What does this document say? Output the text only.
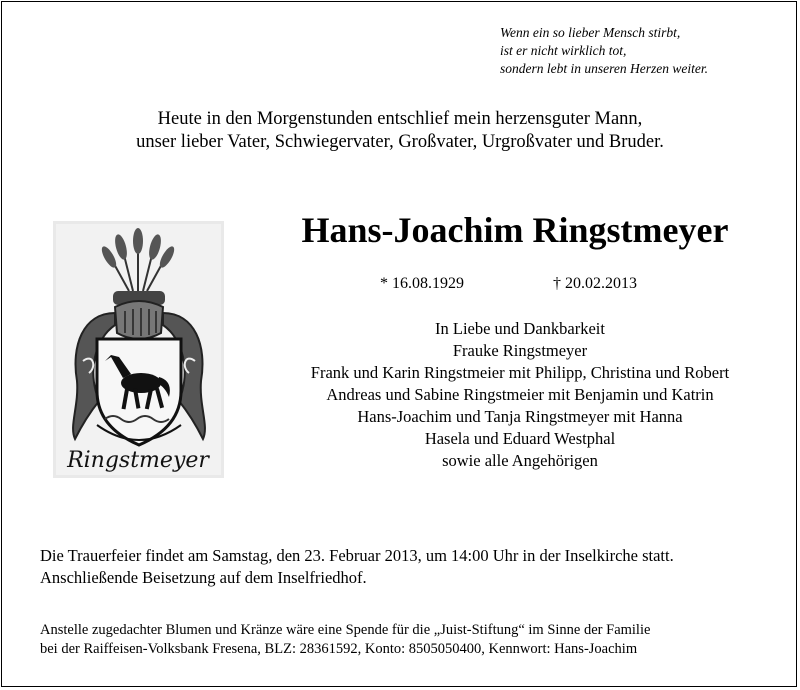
Wenn ein so lieber Mensch stirbt,
ist er nicht wirklich tot,
sondern lebt in unseren Herzen weiter.
Heute in den Morgenstunden entschlief mein herzensguter Mann,
unser lieber Vater, Schwiegervater, Großvater, Urgroßvater und Bruder.
Ringstmeyer
Hans-Joachim Ringstmeyer
* 16.08.1929	† 20.02.2013
In Liebe und Dankbarkeit
Frauke Ringstmeyer
Frank und Karin Ringstmeier mit Philipp, Christina und Robert
Andreas und Sabine Ringstmeier mit Benjamin und Katrin
Hans-Joachim und Tanja Ringstmeyer mit Hanna
Hasela und Eduard Westphal
sowie alle Angehörigen
Die Trauerfeier findet am Samstag, den 23. Februar 2013, um 14:00 Uhr in der Inselkirche statt.
Anschließende Beisetzung auf dem Inselfriedhof.
Anstelle zugedachter Blumen und Kränze wäre eine Spende für die „Juist-Stiftung“ im Sinne der Familie
bei der Raiffeisen-Volksbank Fresena, BLZ: 28361592, Konto: 8505050400, Kennwort: Hans-Joachim
